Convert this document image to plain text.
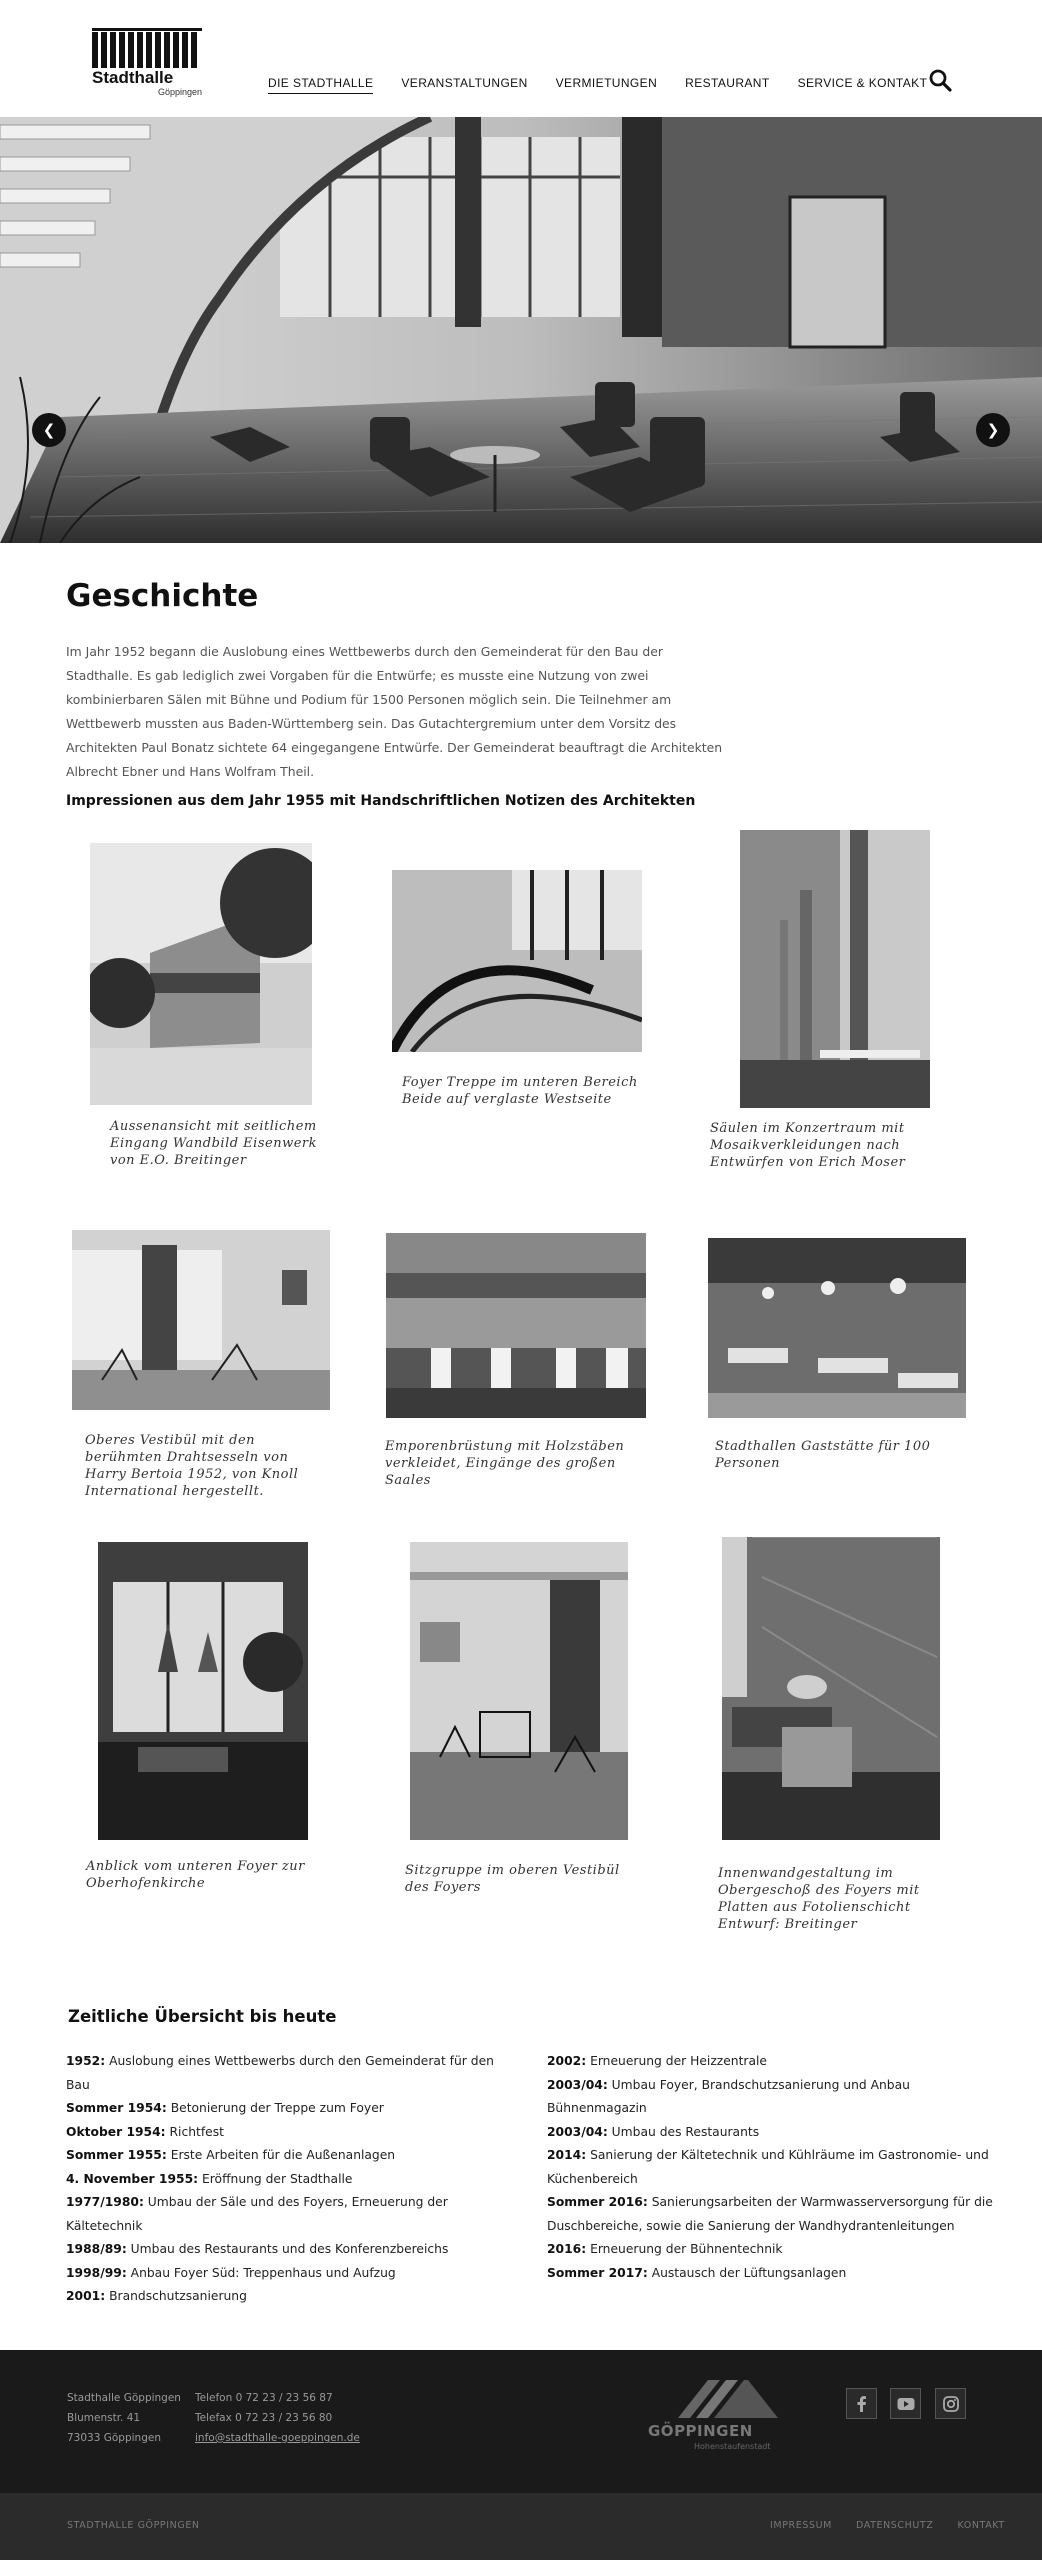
Stadthalle
Göppingen
DIE STADTHALLE VERANSTALTUNGEN VERMIETUNGEN RESTAURANT SERVICE & KONTAKT
❮	❯
Geschichte

Im Jahr 1952 begann die Auslobung eines Wettbewerbs durch den Gemeinderat für den Bau der Stadthalle. Es gab lediglich zwei Vorgaben für die Entwürfe; es musste eine Nutzung von zwei kombinierbaren Sälen mit Bühne und Podium für 1500 Personen möglich sein. Die Teilnehmer am Wettbewerb mussten aus Baden-Württemberg sein. Das Gutachtergremium unter dem Vorsitz des Architekten Paul Bonatz sichtete 64 eingegangene Entwürfe. Der Gemeinderat beauftragt die Architekten Albrecht Ebner und Hans Wolfram Theil.

Impressionen aus dem Jahr 1955 mit Handschriftlichen Notizen des Architekten
Aussenansicht mit seitlichem Eingang Wandbild Eisenwerk von E.O. Breitinger
Foyer Treppe im unteren Bereich Beide auf verglaste Westseite
Säulen im Konzertraum mit Mosaikverkleidungen nach Entwürfen von Erich Moser
Oberes Vestibül mit den berühmten Drahtsesseln von Harry Bertoia 1952, von Knoll International hergestellt.
Emporenbrüstung mit Holzstäben verkleidet, Eingänge des großen Saales
Stadthallen Gaststätte für 100 Personen
Anblick vom unteren Foyer zur Oberhofenkirche
Sitzgruppe im oberen Vestibül des Foyers
Innenwandgestaltung im Obergeschoß des Foyers mit Platten aus Fotolienschicht Entwurf: Breitinger
Zeitliche Übersicht bis heute
1952: Auslobung eines Wettbewerbs durch den Gemeinderat für den Bau
Sommer 1954: Betonierung der Treppe zum Foyer
Oktober 1954: Richtfest
Sommer 1955: Erste Arbeiten für die Außenanlagen
4. November 1955: Eröffnung der Stadthalle
1977/1980: Umbau der Säle und des Foyers, Erneuerung der Kältetechnik
1988/89: Umbau des Restaurants und des Konferenzbereichs
1998/99: Anbau Foyer Süd: Treppenhaus und Aufzug
2001: Brandschutzsanierung
2002: Erneuerung der Heizzentrale
2003/04: Umbau Foyer, Brandschutzsanierung und Anbau Bühnenmagazin
2003/04: Umbau des Restaurants
2014: Sanierung der Kältetechnik und Kühlräume im Gastronomie- und Küchenbereich
Sommer 2016: Sanierungsarbeiten der Warmwasserversorgung für die Duschbereiche, sowie die Sanierung der Wandhydrantenleitungen
2016: Erneuerung der Bühnentechnik
Sommer 2017: Austausch der Lüftungsanlagen
Stadthalle Göppingen
Blumenstr. 41
73033 Göppingen
Telefon 0 72 23 / 23 56 87
Telefax 0 72 23 / 23 56 80
info@stadthalle-goeppingen.de	GÖPPINGEN
Hohenstaufenstadt
STADTHALLE GÖPPINGEN	IMPRESSUM	DATENSCHUTZ	KONTAKT
